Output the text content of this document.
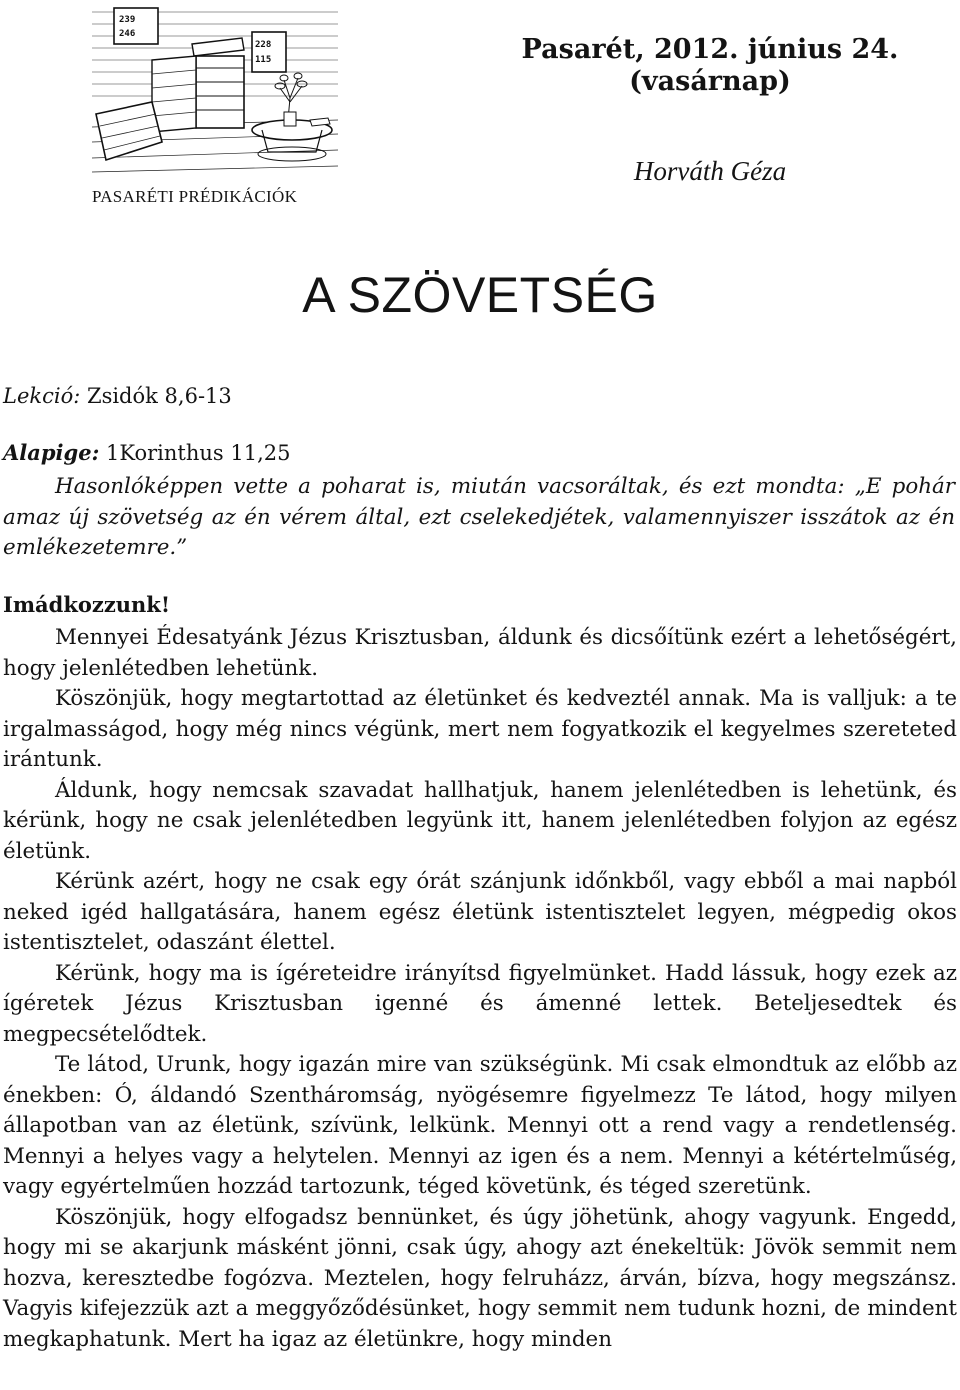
239
246
228
115
PASARÉTI PRÉDIKÁCIÓK
Pasarét, 2012. június 24.
(vasárnap)
Horváth Géza
A SZÖVETSÉG
Lekció: Zsidók 8,6-13
Alapige: 1Korinthus 11,25

Hasonlóképpen vette a poharat is, miután vacsoráltak, és ezt mondta: „E pohár amaz új szövetség az én vérem által, ezt cselekedjétek, valamennyiszer isszátok az én emlékezetemre.”

Imádkozzunk!

Mennyei Édesatyánk Jézus Krisztusban, áldunk és dicsőítünk ezért a lehetőségért, hogy jelenlétedben lehetünk.

Köszönjük, hogy megtartottad az életünket és kedveztél annak. Ma is valljuk: a te irgalmasságod, hogy még nincs végünk, mert nem fogyatkozik el kegyelmes szereteted irántunk.

Áldunk, hogy nemcsak szavadat hallhatjuk, hanem jelenlétedben is lehetünk, és kérünk, hogy ne csak jelenlétedben legyünk itt, hanem jelenlétedben folyjon az egész életünk.

Kérünk azért, hogy ne csak egy órát szánjunk időnkből, vagy ebből a mai napból neked igéd hallgatására, hanem egész életünk istentisztelet legyen, mégpedig okos istentisztelet, odaszánt élettel.

Kérünk, hogy ma is ígéreteidre irányítsd figyelmünket. Hadd lássuk, hogy ezek az ígéretek Jézus Krisztusban igenné és ámenné lettek. Beteljesedtek és megpecsételődtek.

Te látod, Urunk, hogy igazán mire van szükségünk. Mi csak elmondtuk az előbb az énekben: Ó, áldandó Szentháromság, nyögésemre figyelmezz Te látod, hogy milyen állapotban van az életünk, szívünk, lelkünk. Mennyi ott a rend vagy a rendetlenség. Mennyi a helyes vagy a helytelen. Mennyi az igen és a nem. Mennyi a kétértelműség, vagy egyértelműen hozzád tartozunk, téged követünk, és téged szeretünk.

Köszönjük, hogy elfogadsz bennünket, és úgy jöhetünk, ahogy vagyunk. Engedd, hogy mi se akarjunk másként jönni, csak úgy, ahogy azt énekeltük: Jövök semmit nem hozva, keresztedbe fogózva. Meztelen, hogy felruházz, árván, bízva, hogy megszánsz. Vagyis kifejezzük azt a meggyőződésünket, hogy semmit nem tudunk hozni, de mindent megkaphatunk. Mert ha igaz az életünkre, hogy minden
